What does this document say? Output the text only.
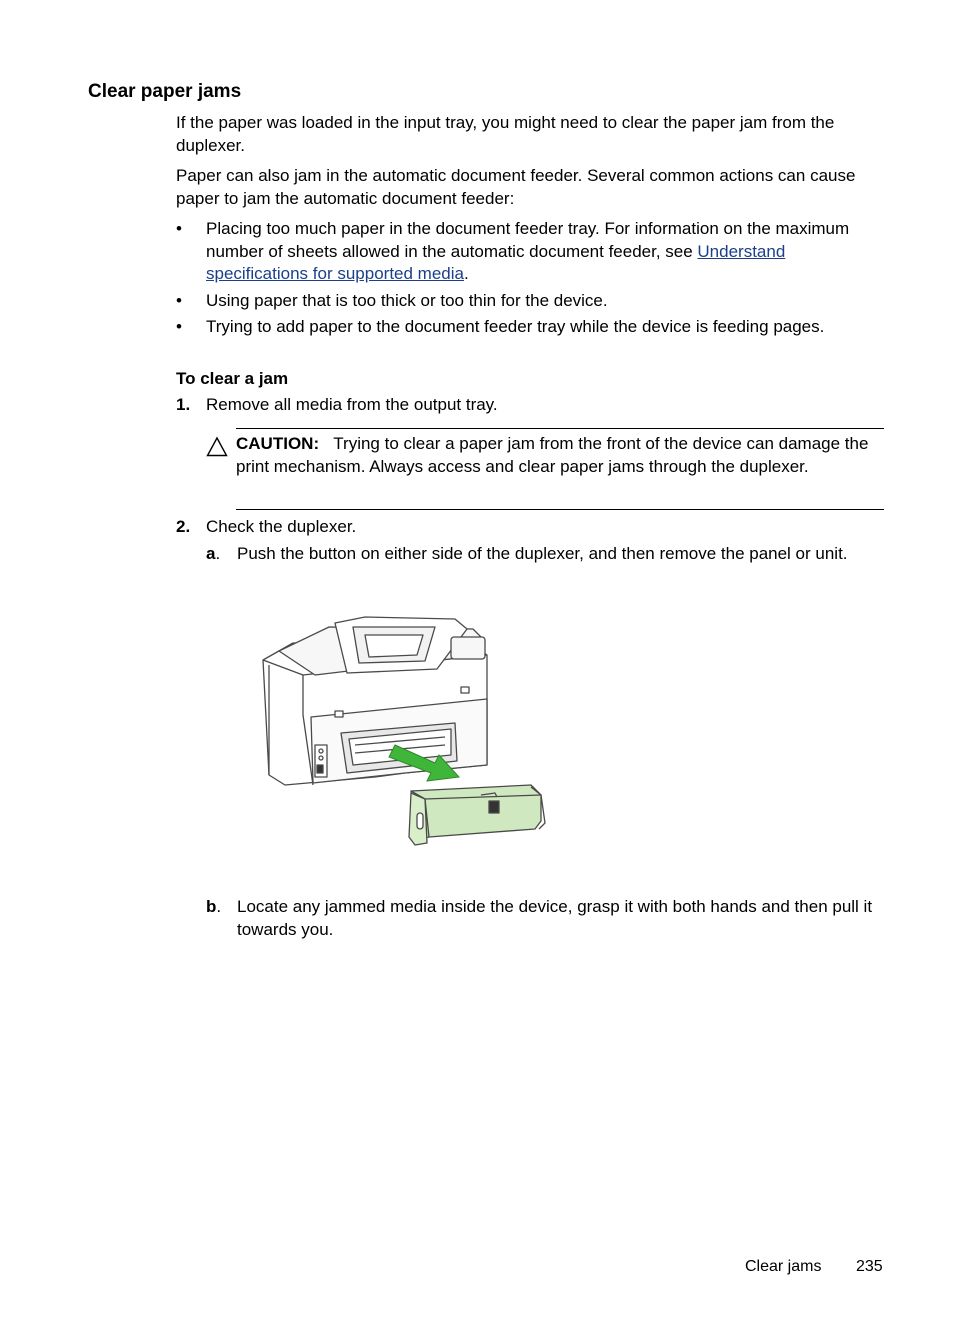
Clear paper jams

If the paper was loaded in the input tray, you might need to clear the paper jam from the duplexer.

Paper can also jam in the automatic document feeder. Several common actions can cause paper to jam the automatic document feeder:

•	Placing too much paper in the document feeder tray. For information on the maximum number of sheets allowed in the automatic document feeder, see Understand specifications for supported media.
•	Using paper that is too thick or too thin for the device.
•	Trying to add paper to the document feeder tray while the device is feeding pages.

To clear a jam

1. Remove all media from the output tray.
CAUTION: Trying to clear a paper jam from the front of the device can damage the print mechanism. Always access and clear paper jams through the duplexer.
2. Check the duplexer.
a. Push the button on either side of the duplexer, and then remove the panel or unit.
b. Locate any jammed media inside the device, grasp it with both hands and then pull it towards you.
Clear jams 235
